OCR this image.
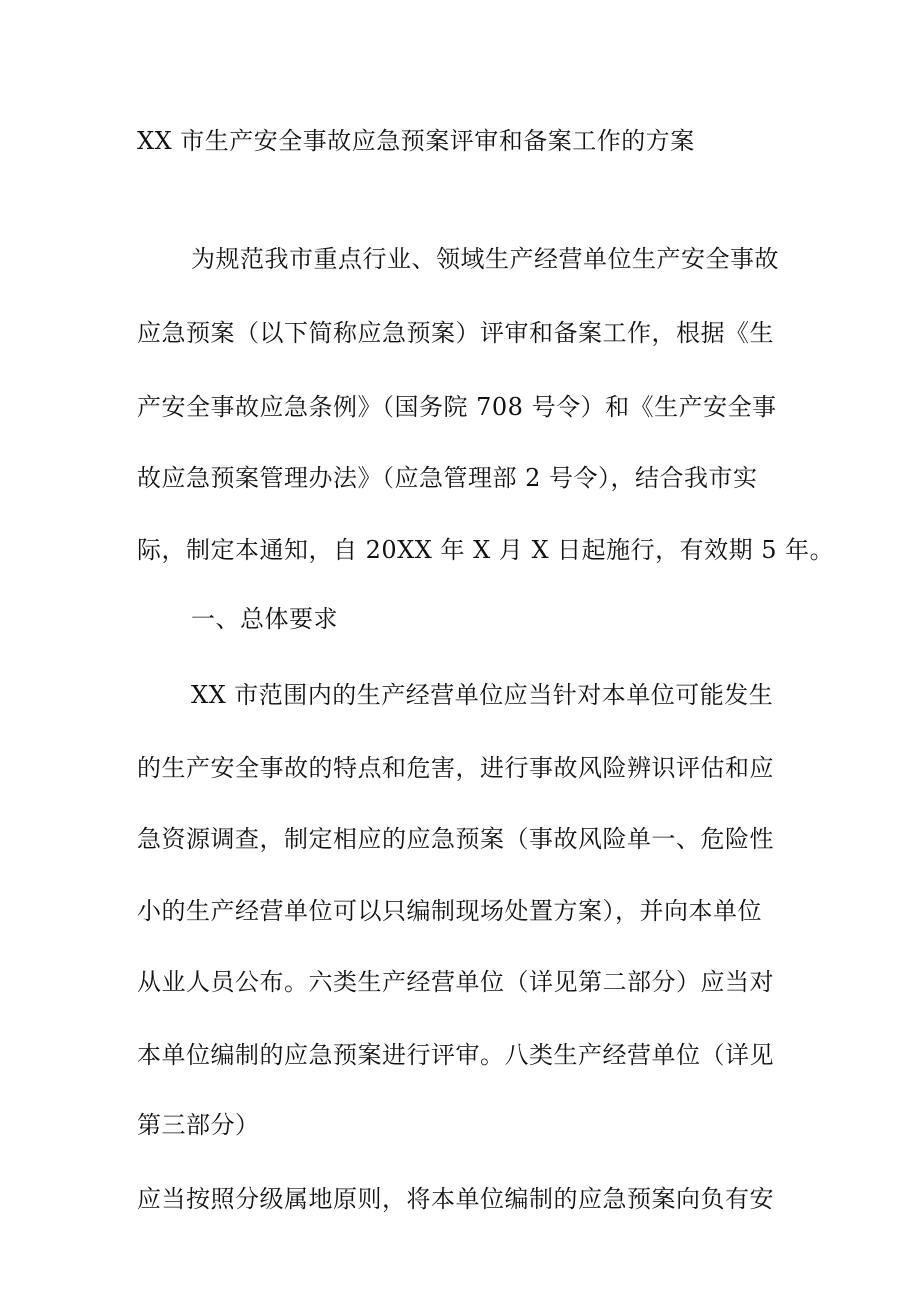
XX 市生产安全事故应急预案评审和备案工作的方案
为规范我市重点行业、领域生产经营单位生产安全事故
应急预案（以下简称应急预案）评审和备案工作，根据《生
产安全事故应急条例》（国务院 708 号令）和《生产安全事
故应急预案管理办法》（应急管理部 2 号令），结合我市实
际，制定本通知，自 20XX 年 X 月 X 日起施行，有效期 5 年。
一、总体要求
XX 市范围内的生产经营单位应当针对本单位可能发生
的生产安全事故的特点和危害，进行事故风险辨识评估和应
急资源调查，制定相应的应急预案（事故风险单一、危险性
小的生产经营单位可以只编制现场处置方案），并向本单位
从业人员公布。六类生产经营单位（详见第二部分）应当对
本单位编制的应急预案进行评审。八类生产经营单位（详见
第三部分）
应当按照分级属地原则，将本单位编制的应急预案向负有安
